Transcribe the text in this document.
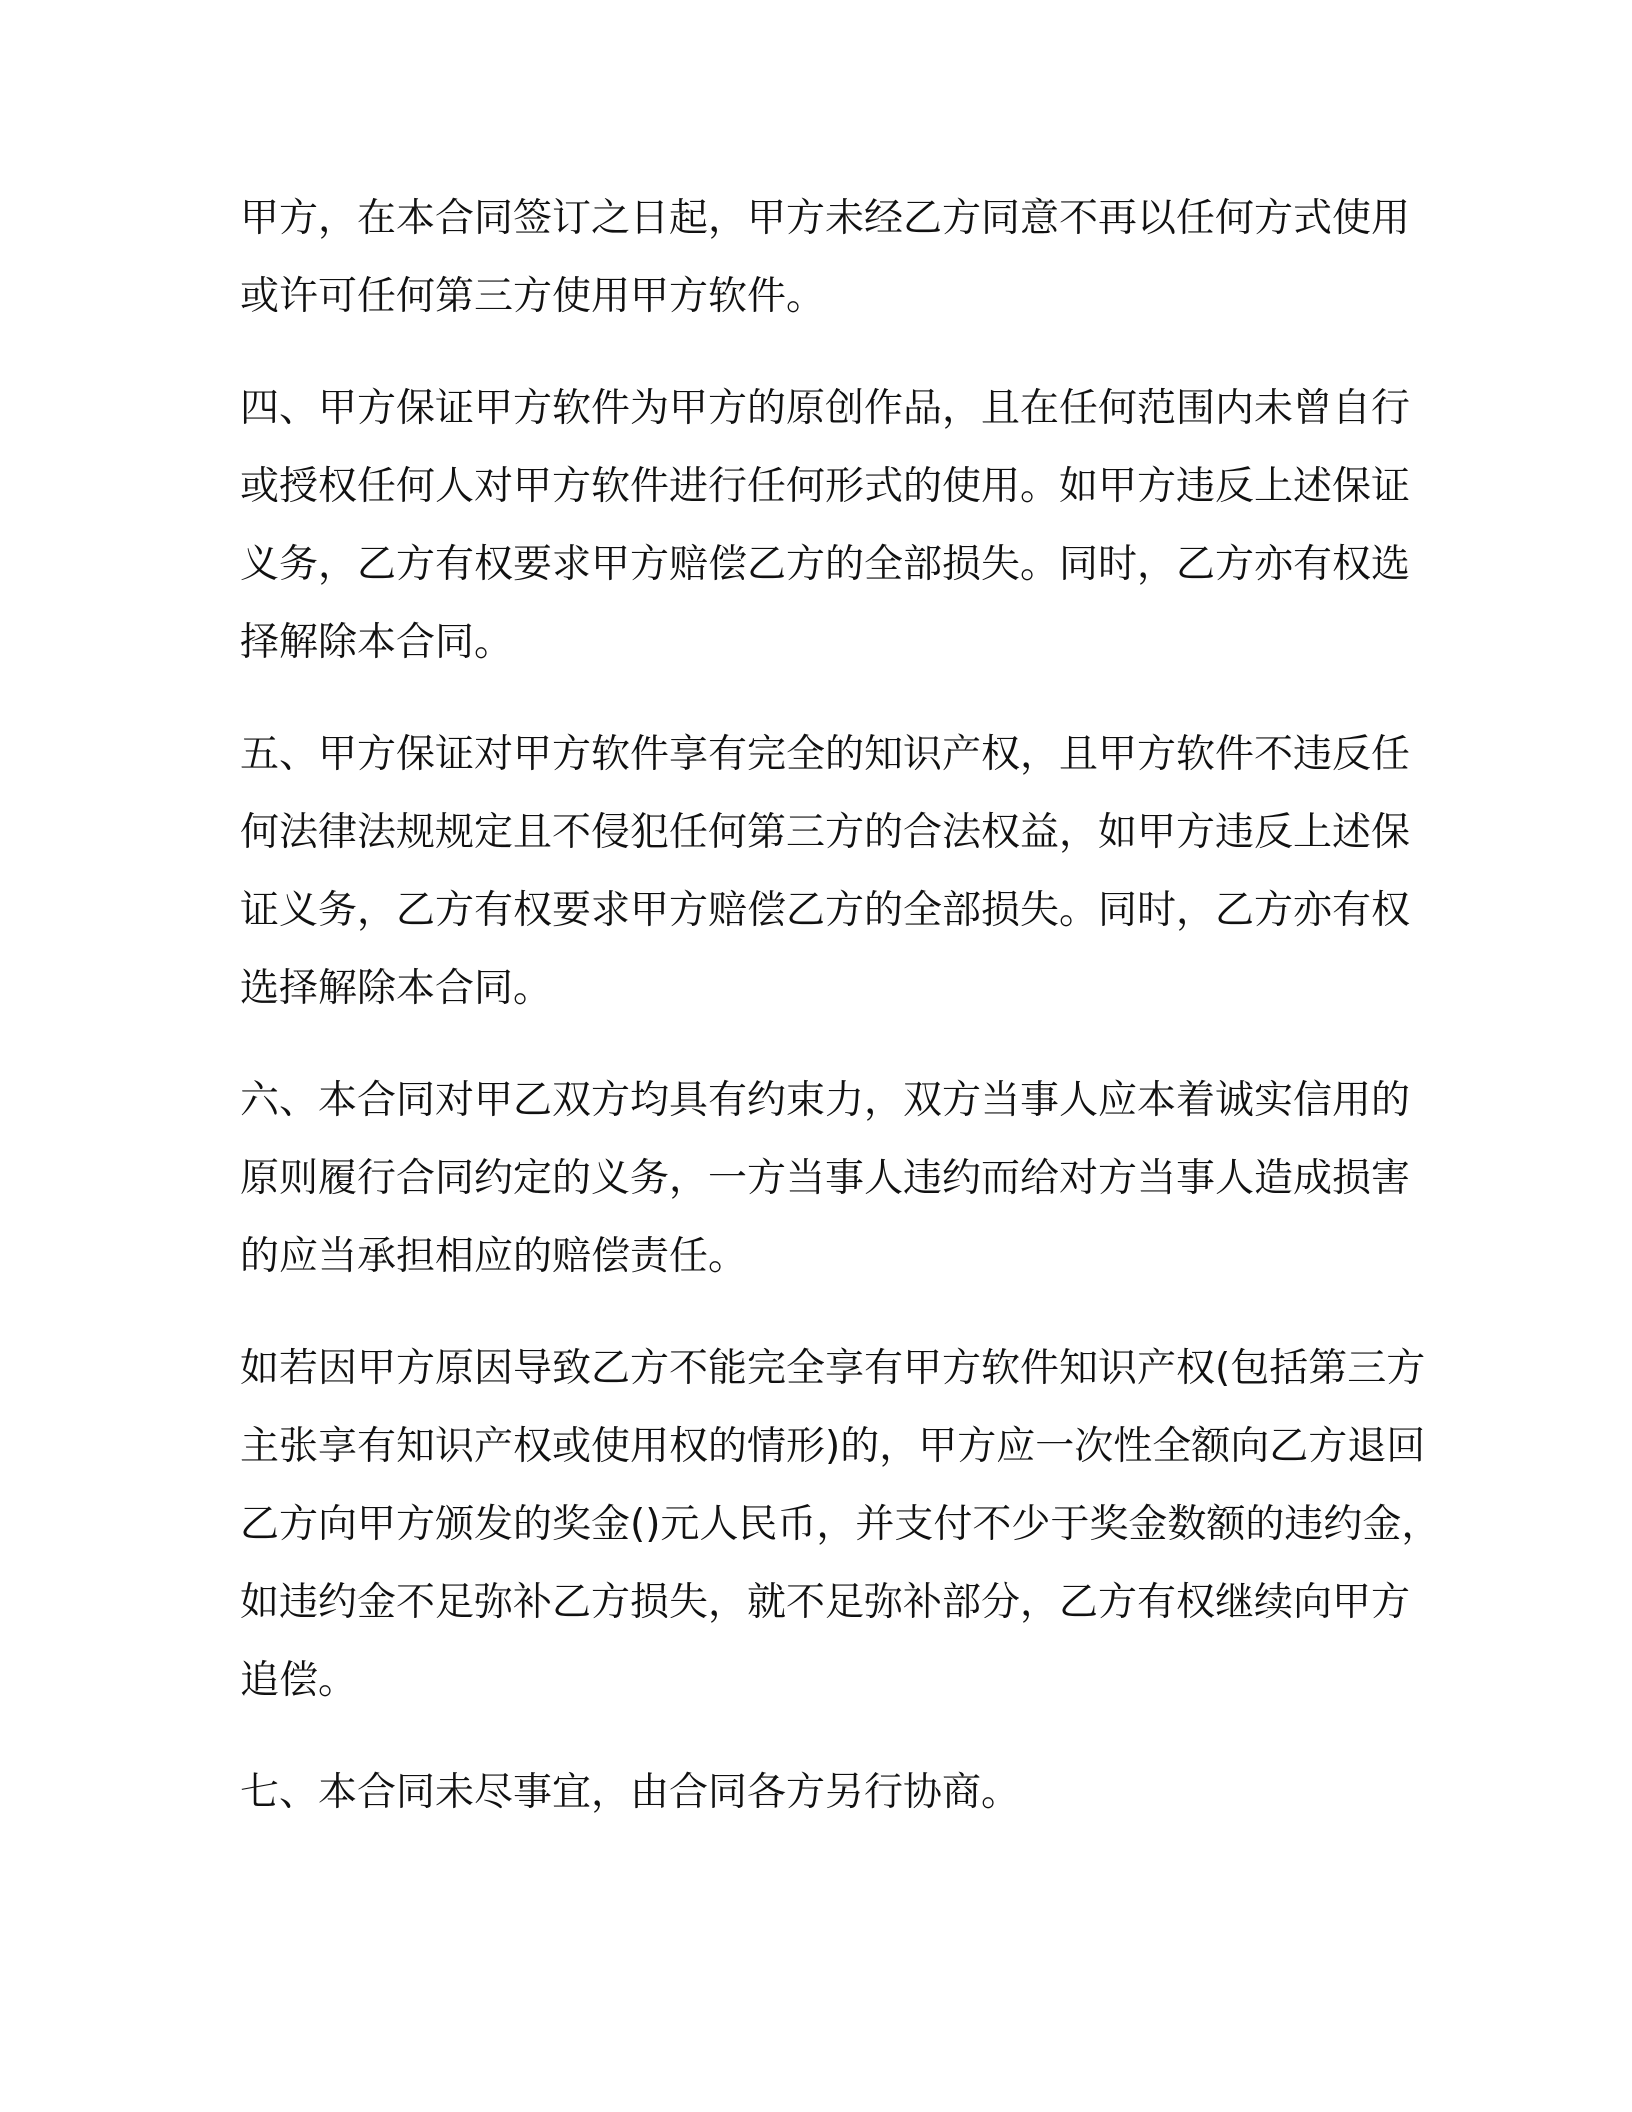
甲方，在本合同签订之日起，甲方未经乙方同意不再以任何方式使用
或许可任何第三方使用甲方软件。

四、甲方保证甲方软件为甲方的原创作品，且在任何范围内未曾自行
或授权任何人对甲方软件进行任何形式的使用。如甲方违反上述保证
义务，乙方有权要求甲方赔偿乙方的全部损失。同时，乙方亦有权选
择解除本合同。

五、甲方保证对甲方软件享有完全的知识产权，且甲方软件不违反任
何法律法规规定且不侵犯任何第三方的合法权益，如甲方违反上述保
证义务，乙方有权要求甲方赔偿乙方的全部损失。同时，乙方亦有权
选择解除本合同。

六、本合同对甲乙双方均具有约束力，双方当事人应本着诚实信用的
原则履行合同约定的义务，一方当事人违约而给对方当事人造成损害
的应当承担相应的赔偿责任。

如若因甲方原因导致乙方不能完全享有甲方软件知识产权(包括第三方
主张享有知识产权或使用权的情形)的，甲方应一次性全额向乙方退回
乙方向甲方颁发的奖金()元人民币，并支付不少于奖金数额的违约金，
如违约金不足弥补乙方损失，就不足弥补部分，乙方有权继续向甲方
追偿。

七、本合同未尽事宜，由合同各方另行协商。
